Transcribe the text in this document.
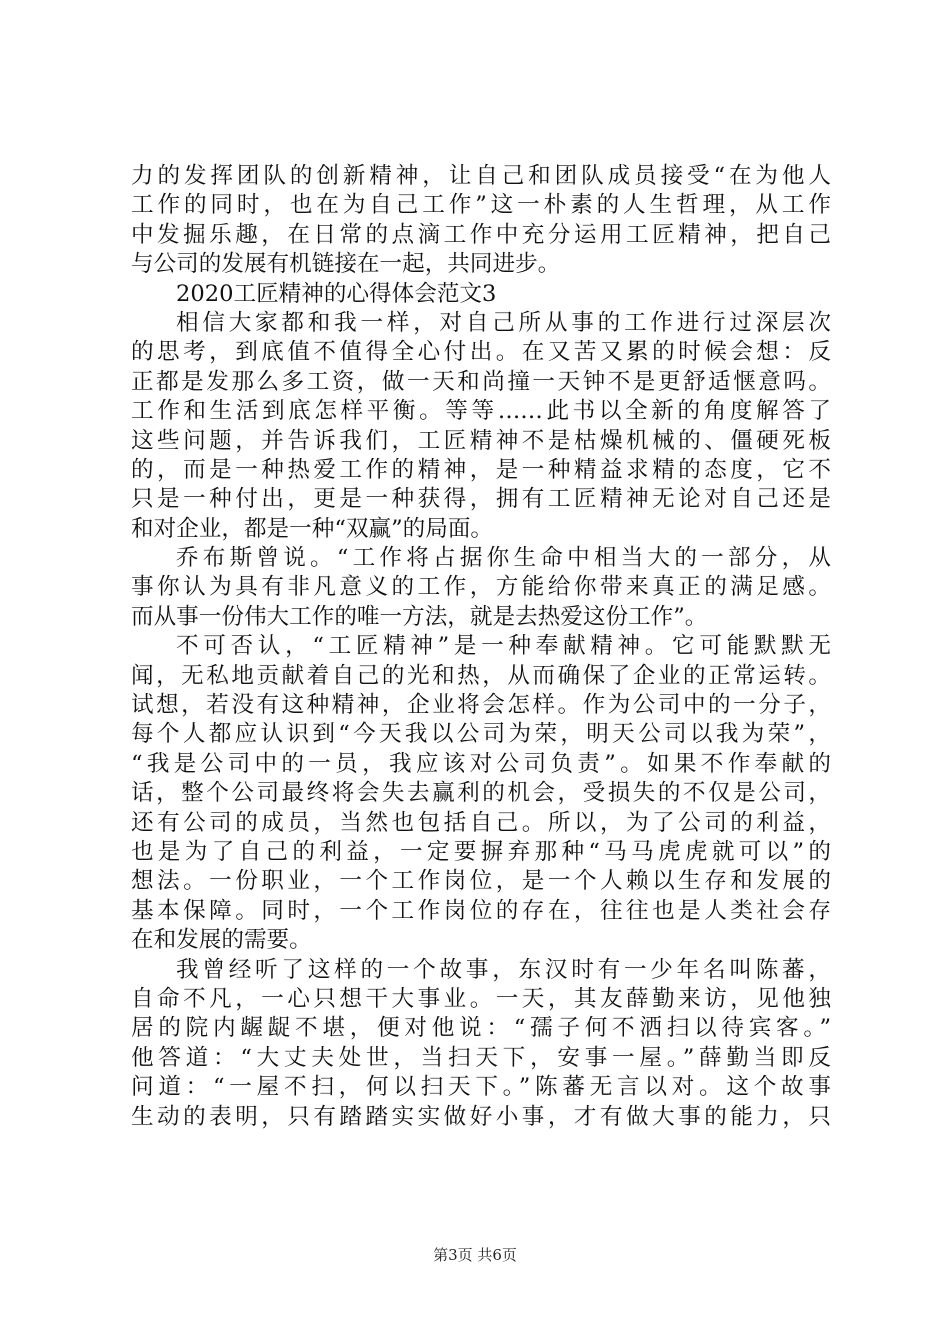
力的发挥团队的创新精神，让自己和团队成员接受“在为他人
工作的同时，也在为自己工作”这一朴素的人生哲理，从工作
中发掘乐趣，在日常的点滴工作中充分运用工匠精神，把自己
与公司的发展有机链接在一起，共同进步。
2020工匠精神的心得体会范文3
相信大家都和我一样，对自己所从事的工作进行过深层次
的思考，到底值不值得全心付出。在又苦又累的时候会想：反
正都是发那么多工资，做一天和尚撞一天钟不是更舒适惬意吗。
工作和生活到底怎样平衡。等等……此书以全新的角度解答了
这些问题，并告诉我们，工匠精神不是枯燥机械的、僵硬死板
的，而是一种热爱工作的精神，是一种精益求精的态度，它不
只是一种付出，更是一种获得，拥有工匠精神无论对自己还是
和对企业，都是一种“双赢”的局面。
乔布斯曾说。“工作将占据你生命中相当大的一部分，从
事你认为具有非凡意义的工作，方能给你带来真正的满足感。
而从事一份伟大工作的唯一方法，就是去热爱这份工作”。
不可否认，“工匠精神”是一种奉献精神。它可能默默无
闻，无私地贡献着自己的光和热，从而确保了企业的正常运转。
试想，若没有这种精神，企业将会怎样。作为公司中的一分子，
每个人都应认识到“今天我以公司为荣，明天公司以我为荣”，
“我是公司中的一员，我应该对公司负责”。如果不作奉献的
话，整个公司最终将会失去赢利的机会，受损失的不仅是公司，
还有公司的成员，当然也包括自己。所以，为了公司的利益，
也是为了自己的利益，一定要摒弃那种“马马虎虎就可以”的
想法。一份职业，一个工作岗位，是一个人赖以生存和发展的
基本保障。同时，一个工作岗位的存在，往往也是人类社会存
在和发展的需要。
我曾经听了这样的一个故事，东汉时有一少年名叫陈蕃，
自命不凡，一心只想干大事业。一天，其友薛勤来访，见他独
居的院内龌龊不堪，便对他说：“孺子何不洒扫以待宾客。”
他答道：“大丈夫处世，当扫天下，安事一屋。”薛勤当即反
问道：“一屋不扫，何以扫天下。”陈蕃无言以对。这个故事
生动的表明，只有踏踏实实做好小事，才有做大事的能力，只
第3页 共6页
